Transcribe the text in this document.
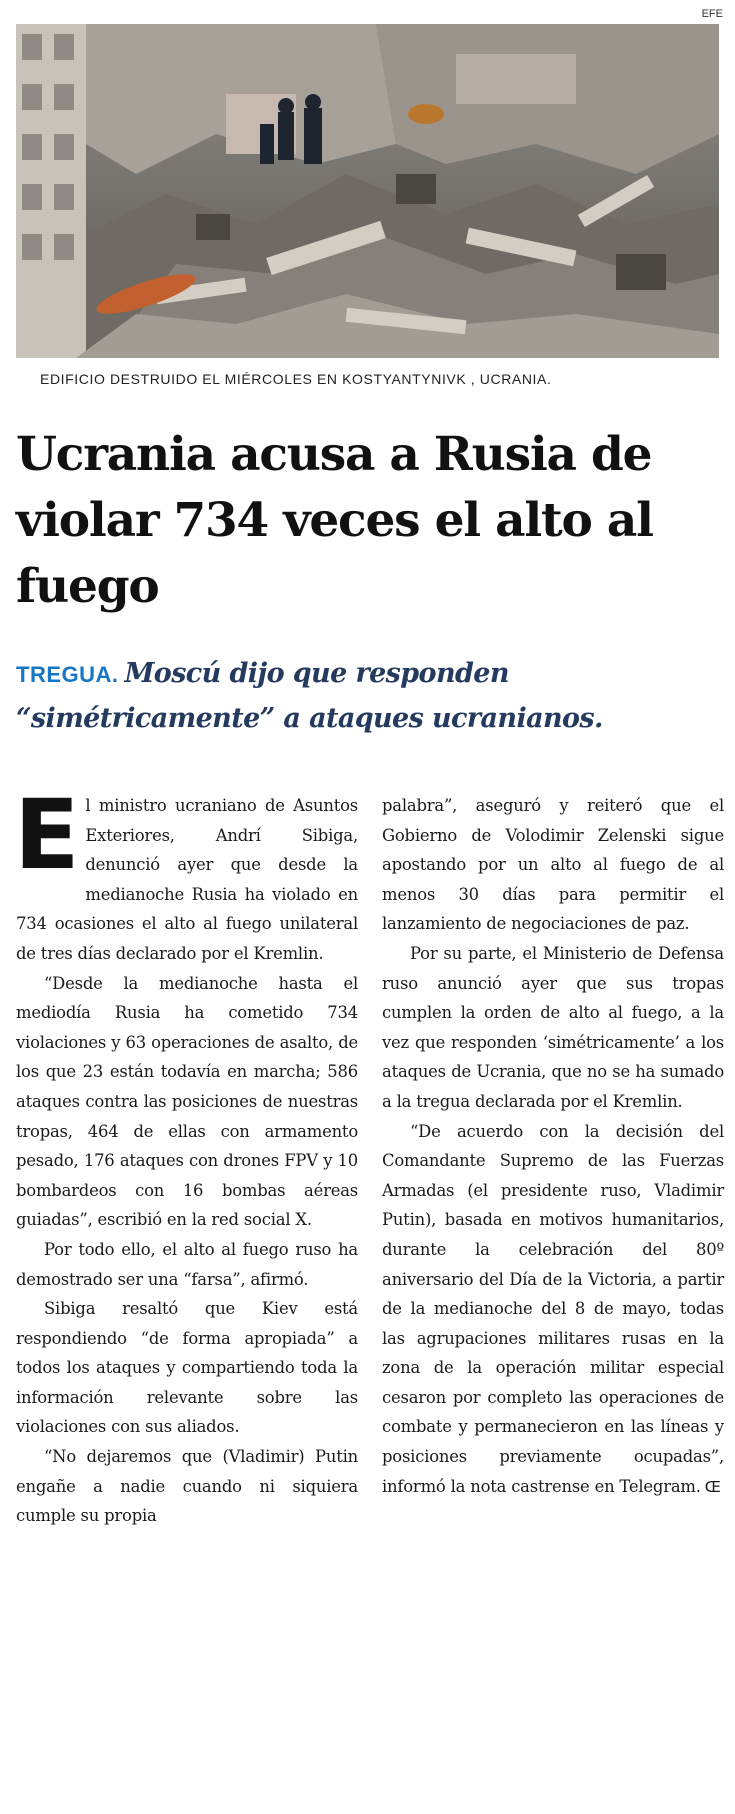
EFE
EDIFICIO DESTRUIDO EL MIÉRCOLES EN KOSTYANTYNIVK , UCRANIA.
Ucrania acusa a Rusia de violar 734 veces el alto al fuego
TREGUA. Moscú dijo que responden “simétricamente” a ataques ucranianos.

El ministro ucraniano de Asuntos Exteriores, Andrí Sibiga, denunció ayer que desde la medianoche Rusia ha violado en 734 ocasiones el alto al fuego unilateral de tres días declarado por el Kremlin.

“Desde la medianoche hasta el mediodía Rusia ha cometido 734 violaciones y 63 operaciones de asalto, de los que 23 están todavía en marcha; 586 ataques contra las posiciones de nuestras tropas, 464 de ellas con armamento pesado, 176 ataques con drones FPV y 10 bombardeos con 16 bombas aéreas guiadas”, escribió en la red social X.

Por todo ello, el alto al fuego ruso ha demostrado ser una “farsa”, afirmó.

Sibiga resaltó que Kiev está respondiendo “de forma apropiada” a todos los ataques y compartiendo toda la información relevante sobre las violaciones con sus aliados.

“No dejaremos que (Vladimir) Putin engañe a nadie cuando ni siquiera cumple su propia

palabra”, aseguró y reiteró que el Gobierno de Volodimir Zelenski sigue apostando por un alto al fuego de al menos 30 días para permitir el lanzamiento de negociaciones de paz.

Por su parte, el Ministerio de Defensa ruso anunció ayer que sus tropas cumplen la orden de alto al fuego, a la vez que responden ‘simétricamente’ a los ataques de Ucrania, que no se ha sumado a la tregua declarada por el Kremlin.

“De acuerdo con la decisión del Comandante Supremo de las Fuerzas Armadas (el presidente ruso, Vladimir Putin), basada en motivos humanitarios, durante la celebración del 80º aniversario del Día de la Victoria, a partir de la medianoche del 8 de mayo, todas las agrupaciones militares rusas en la zona de la operación militar especial cesaron por completo las operaciones de combate y permanecieron en las líneas y posiciones previamente ocupadas”, informó la nota castrense en Telegram. Œ
